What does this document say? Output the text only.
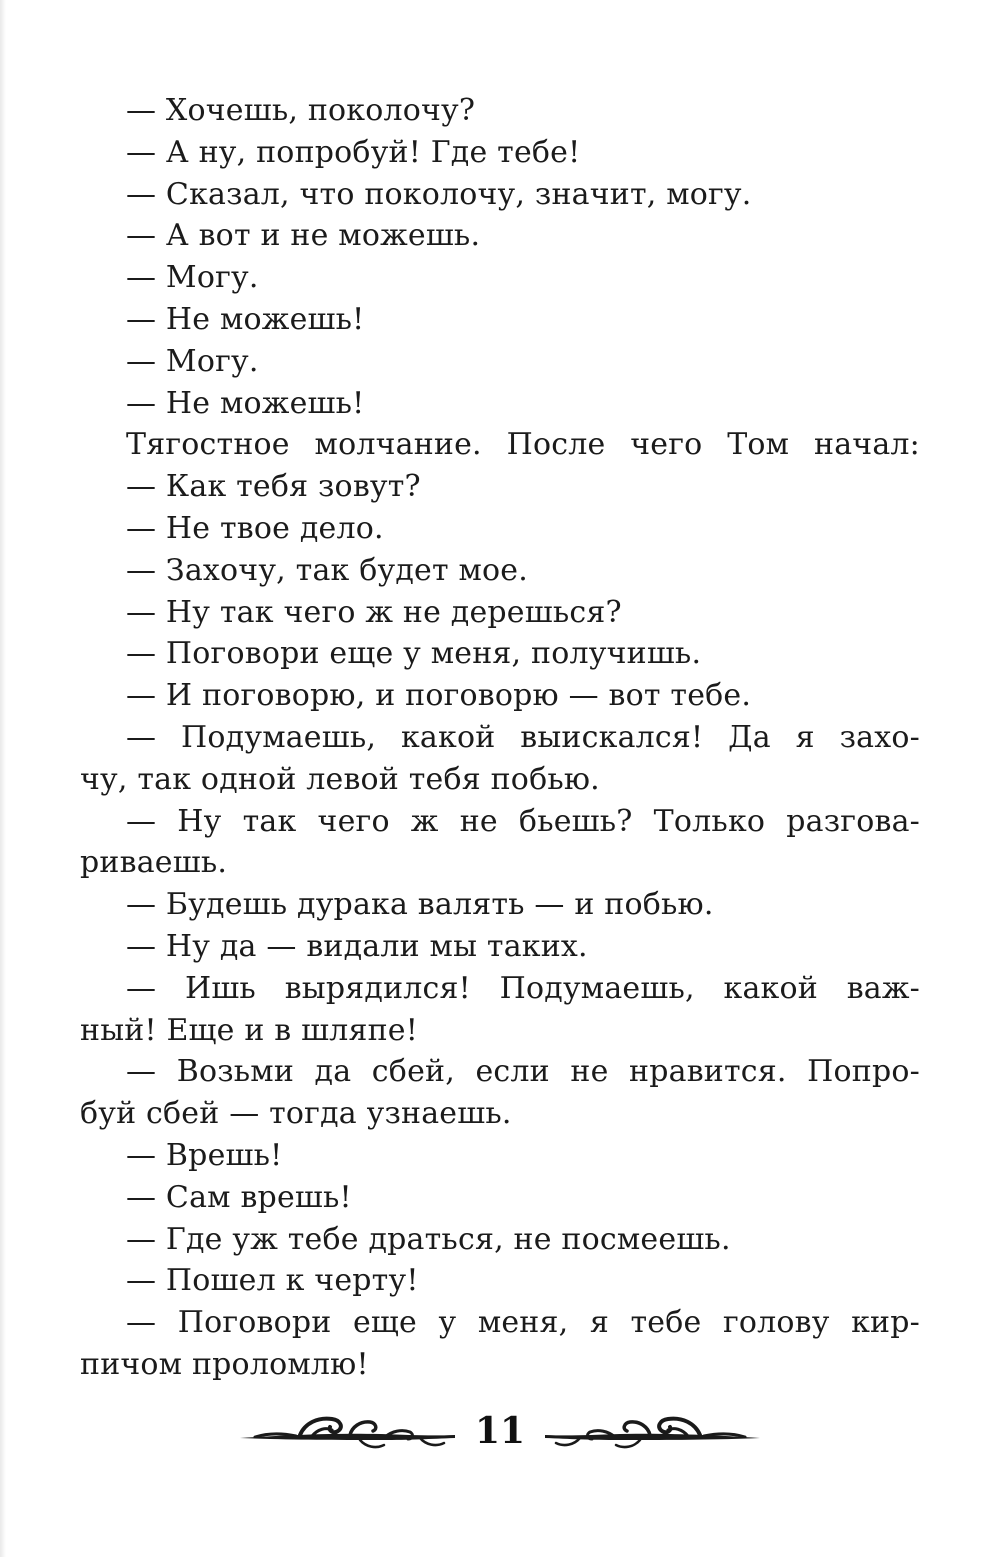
— Хочешь, поколочу?
— А ну, попробуй! Где тебе!
— Сказал, что поколочу, значит, могу.
— А вот и не можешь.
— Могу.
— Не можешь!
— Могу.
— Не можешь!
Тягостное молчание. После чего Том начал:
— Как тебя зовут?
— Не твое дело.
— Захочу, так будет мое.
— Ну так чего ж не дерешься?
— Поговори еще у меня, получишь.
— И поговорю, и поговорю — вот тебе.
— Подумаешь, какой выискался! Да я захо-
чу, так одной левой тебя побью.
— Ну так чего ж не бьешь? Только разгова-
риваешь.
— Будешь дурака валять — и побью.
— Ну да — видали мы таких.
— Ишь вырядился! Подумаешь, какой важ-
ный! Еще и в шляпе!
— Возьми да сбей, если не нравится. Попро-
буй сбей — тогда узнаешь.
— Врешь!
— Сам врешь!
— Где уж тебе драться, не посмеешь.
— Пошел к черту!
— Поговори еще у меня, я тебе голову кир-
пичом проломлю!
11
